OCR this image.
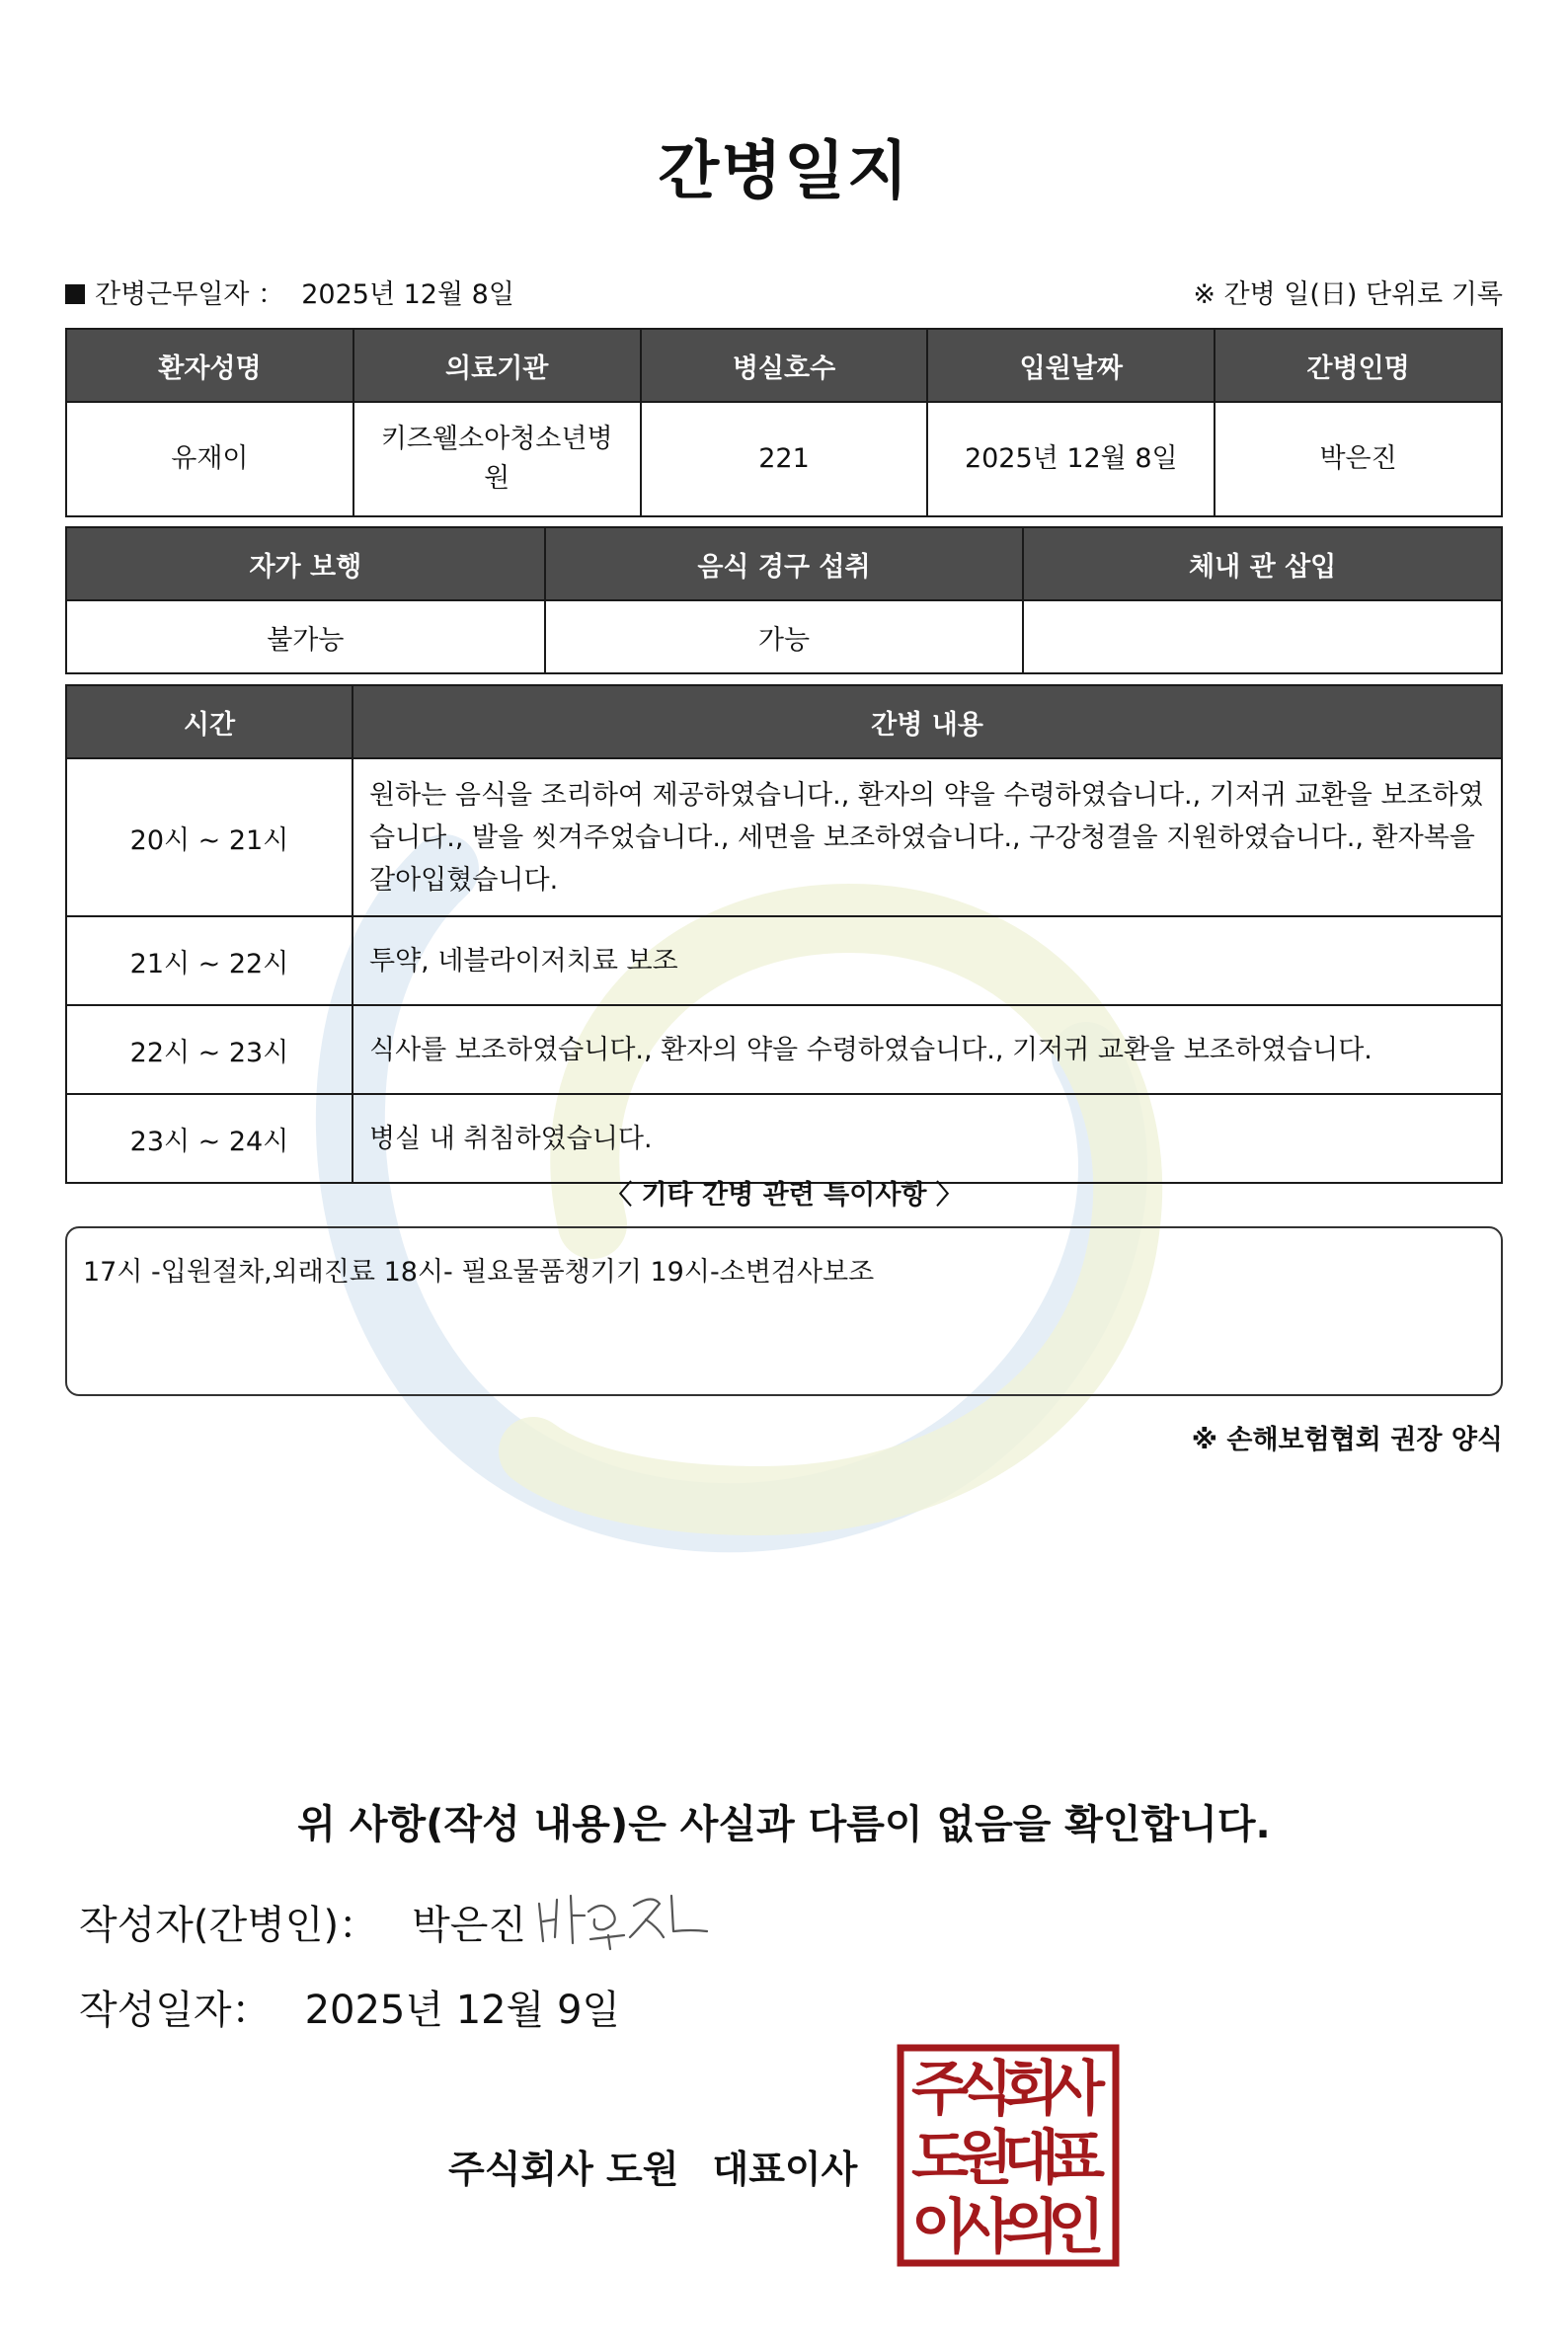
간병일지
간병근무일자 ： 2025년 12월 8일	※ 간병 일(日) 단위로 기록
환자성명	의료기관	병실호수	입원날짜	간병인명
유재이	키즈웰소아청소년병원	221	2025년 12월 8일	박은진
자가 보행	음식 경구 섭취	체내 관 삽입
불가능	가능	
시간	간병 내용
20시 ~ 21시	원하는 음식을 조리하여 제공하였습니다., 환자의 약을 수령하였습니다., 기저귀 교환을 보조하였습니다., 발을 씻겨주었습니다., 세면을 보조하였습니다., 구강청결을 지원하였습니다., 환자복을 갈아입혔습니다.
21시 ~ 22시	투약, 네블라이저치료 보조
22시 ~ 23시	식사를 보조하였습니다., 환자의 약을 수령하였습니다., 기저귀 교환을 보조하였습니다.
23시 ~ 24시	병실 내 취침하였습니다.
〈 기타 간병 관련 특이사항 〉
17시 -입원절차,외래진료 18시- 필요물품챙기기 19시-소변검사보조
※ 손해보험협회 권장 양식
위 사항(작성 내용)은 사실과 다름이 없음을 확인합니다.
작성자(간병인)： 박은진
작성일자： 2025년 12월 9일
주식회사 도원 대표이사
주
식
회
사
도
원
대
표
이
사
의
인
